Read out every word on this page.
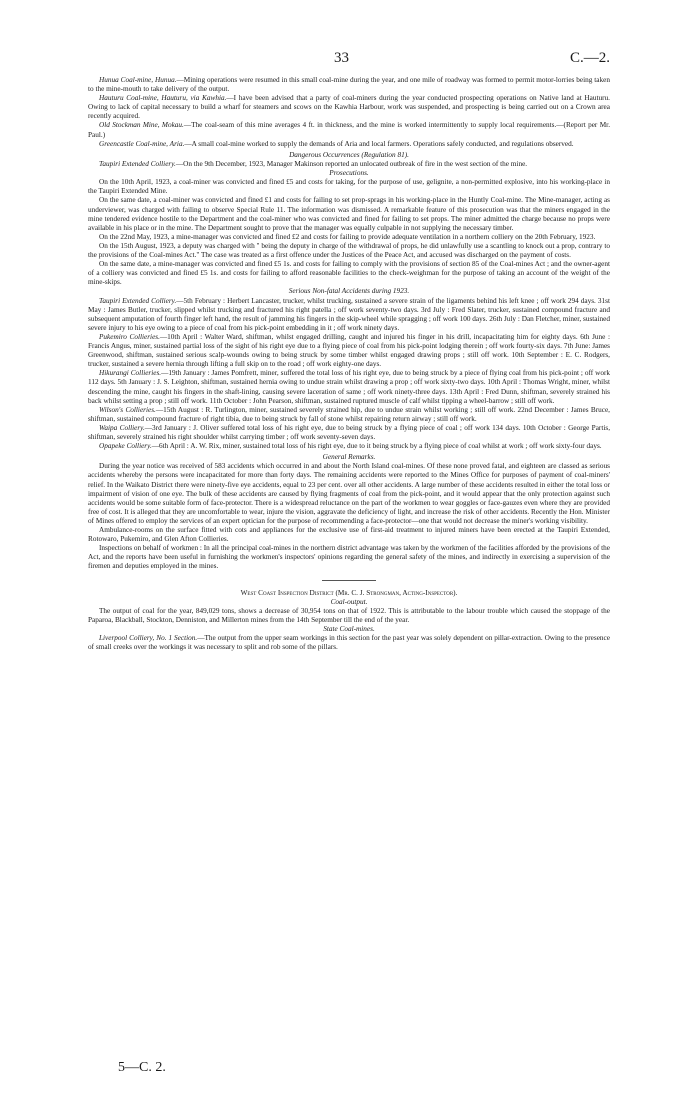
33	C.—2.

Hunua Coal-mine, Hunua.—Mining operations were resumed in this small coal-mine during the year, and one mile of roadway was formed to permit motor-lorries being taken to the mine-mouth to take delivery of the output.

Hauturu Coal-mine, Hauturu, via Kawhia.—I have been advised that a party of coal-miners during the year conducted prospecting operations on Native land at Hauturu. Owing to lack of capital necessary to build a wharf for steamers and scows on the Kawhia Harbour, work was suspended, and prospecting is being carried out on a Crown area recently acquired.

Old Stockman Mine, Mokau.—The coal-seam of this mine averages 4 ft. in thickness, and the mine is worked intermittently to supply local requirements.—(Report per Mr. Paul.)

Greencastle Coal-mine, Aria.—A small coal-mine worked to supply the demands of Aria and local farmers. Operations safely conducted, and regulations observed.

Dangerous Occurrences (Regulation 81).

Taupiri Extended Colliery.—On the 9th December, 1923, Manager Makinson reported an unlocated outbreak of fire in the west section of the mine.

Prosecutions.

On the 10th April, 1923, a coal-miner was convicted and fined £5 and costs for taking, for the purpose of use, gelignite, a non-permitted explosive, into his working-place in the Taupiri Extended Mine.

On the same date, a coal-miner was convicted and fined £1 and costs for failing to set prop-sprags in his working-place in the Huntly Coal-mine. The Mine-manager, acting as underviewer, was charged with failing to observe Special Rule 11. The information was dismissed. A remarkable feature of this prosecution was that the miners engaged in the mine tendered evidence hostile to the Department and the coal-miner who was convicted and fined for failing to set props. The miner admitted the charge because no props were available in his place or in the mine. The Department sought to prove that the manager was equally culpable in not supplying the necessary timber.

On the 22nd May, 1923, a mine-manager was convicted and fined £2 and costs for failing to provide adequate ventilation in a northern colliery on the 20th February, 1923.

On the 15th August, 1923, a deputy was charged with " being the deputy in charge of the withdrawal of props, he did unlawfully use a scantling to knock out a prop, contrary to the provisions of the Coal-mines Act." The case was treated as a first offence under the Justices of the Peace Act, and accused was discharged on the payment of costs.

On the same date, a mine-manager was convicted and fined £5 1s. and costs for failing to comply with the provisions of section 85 of the Coal-mines Act ; and the owner-agent of a colliery was convicted and fined £5 1s. and costs for failing to afford reasonable facilities to the check-weighman for the purpose of taking an account of the weight of the mine-skips.

Serious Non-fatal Accidents during 1923.

Taupiri Extended Colliery.—5th February : Herbert Lancaster, trucker, whilst trucking, sustained a severe strain of the ligaments behind his left knee ; off work 294 days. 31st May : James Butler, trucker, slipped whilst trucking and fractured his right patella ; off work seventy-two days. 3rd July : Fred Slater, trucker, sustained compound fracture and subsequent amputation of fourth finger left hand, the result of jamming his fingers in the skip-wheel while spragging ; off work 100 days. 26th July : Dan Fletcher, miner, sustained severe injury to his eye owing to a piece of coal from his pick-point embedding in it ; off work ninety days.

Pukemiro Collieries.—10th April : Walter Ward, shiftman, whilst engaged drilling, caught and injured his finger in his drill, incapacitating him for eighty days. 6th June : Francis Angus, miner, sustained partial loss of the sight of his right eye due to a flying piece of coal from his pick-point lodging therein ; off work fourty-six days. 7th June: James Greenwood, shiftman, sustained serious scalp-wounds owing to being struck by some timber whilst engaged drawing props ; still off work. 10th September : E. C. Rodgers, trucker, sustained a severe hernia through lifting a full skip on to the road ; off work eighty-one days.

Hikurangi Collieries.—19th January : James Pomfrett, miner, suffered the total loss of his right eye, due to being struck by a piece of flying coal from his pick-point ; off work 112 days. 5th January : J. S. Leighton, shiftman, sustained hernia owing to undue strain whilst drawing a prop ; off work sixty-two days. 10th April : Thomas Wright, miner, whilst descending the mine, caught his fingers in the shaft-lining, causing severe laceration of same ; off work ninety-three days. 13th April : Fred Dunn, shiftman, severely strained his back whilst setting a prop ; still off work. 11th October : John Pearson, shiftman, sustained ruptured muscle of calf whilst tipping a wheel-barrow ; still off work.

Wilson's Collieries.—15th August : R. Turlington, miner, sustained severely strained hip, due to undue strain whilst working ; still off work. 22nd December : James Bruce, shiftman, sustained compound fracture of right tibia, due to being struck by fall of stone whilst repairing return airway ; still off work.

Waipa Colliery.—3rd January : J. Oliver suffered total loss of his right eye, due to being struck by a flying piece of coal ; off work 134 days. 10th October : George Partis, shiftman, severely strained his right shoulder whilst carrying timber ; off work seventy-seven days.

Opapeke Colliery.—6th April : A. W. Rix, miner, sustained total loss of his right eye, due to it being struck by a flying piece of coal whilst at work ; off work sixty-four days.

General Remarks.

During the year notice was received of 583 accidents which occurred in and about the North Island coal-mines. Of these none proved fatal, and eighteen are classed as serious accidents whereby the persons were incapacitated for more than forty days. The remaining accidents were reported to the Mines Office for purposes of payment of coal-miners' relief. In the Waikato District there were ninety-five eye accidents, equal to 23 per cent. over all other accidents. A large number of these accidents resulted in either the total loss or impairment of vision of one eye. The bulk of these accidents are caused by flying fragments of coal from the pick-point, and it would appear that the only protection against such accidents would be some suitable form of face-protector. There is a widespread reluctance on the part of the workmen to wear goggles or face-gauzes even where they are provided free of cost. It is alleged that they are uncomfortable to wear, injure the vision, aggravate the deficiency of light, and increase the risk of other accidents. Recently the Hon. Minister of Mines offered to employ the services of an expert optician for the purpose of recommending a face-protector—one that would not decrease the miner's working visibility.

Ambulance-rooms on the surface fitted with cots and appliances for the exclusive use of first-aid treatment to injured miners have been erected at the Taupiri Extended, Rotowaro, Pukemiro, and Glen Afton Collieries.

Inspections on behalf of workmen : In all the principal coal-mines in the northern district advantage was taken by the workmen of the facilities afforded by the provisions of the Act, and the reports have been useful in furnishing the workmen's inspectors' opinions regarding the general safety of the mines, and indirectly in exercising a supervision of the firemen and deputies employed in the mines.

West Coast Inspection District (Mr. C. J. Strongman, Acting-Inspector).

Coal-output.

The output of coal for the year, 849,029 tons, shows a decrease of 30,954 tons on that of 1922. This is attributable to the labour trouble which caused the stoppage of the Paparoa, Blackball, Stockton, Denniston, and Millerton mines from the 14th September till the end of the year.

State Coal-mines.

Liverpool Colliery, No. 1 Section.—The output from the upper seam workings in this section for the past year was solely dependent on pillar-extraction. Owing to the presence of small creeks over the workings it was necessary to split and rob some of the pillars.

5—C. 2.
